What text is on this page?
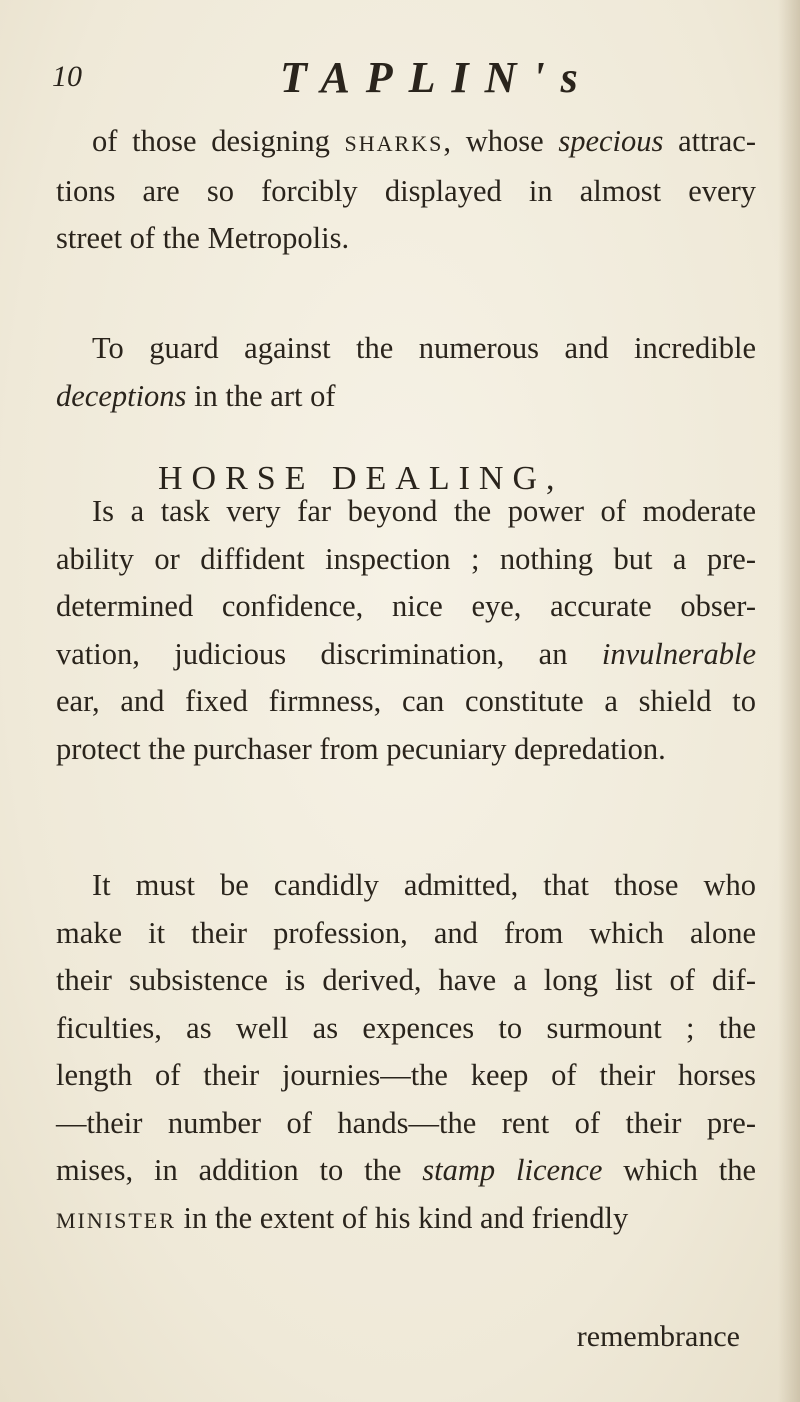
10	TAPLIN's
of those designing SHARKS, whose specious attrac-
tions are so forcibly displayed in almost every
street of the Metropolis.
To guard against the numerous and incredible
deceptions in the art of
HORSE DEALING,
Is a task very far beyond the power of moderate
ability or diffident inspection ; nothing but a pre-
determined confidence, nice eye, accurate obser-
vation, judicious discrimination, an invulnerable
ear, and fixed firmness, can constitute a shield to
protect the purchaser from pecuniary depredation.
It must be candidly admitted, that those who
make it their profession, and from which alone
their subsistence is derived, have a long list of dif-
ficulties, as well as expences to surmount ; the
length of their journies—the keep of their horses
—their number of hands—the rent of their pre-
mises, in addition to the stamp licence which the
MINISTER in the extent of his kind and friendly
remembrance
